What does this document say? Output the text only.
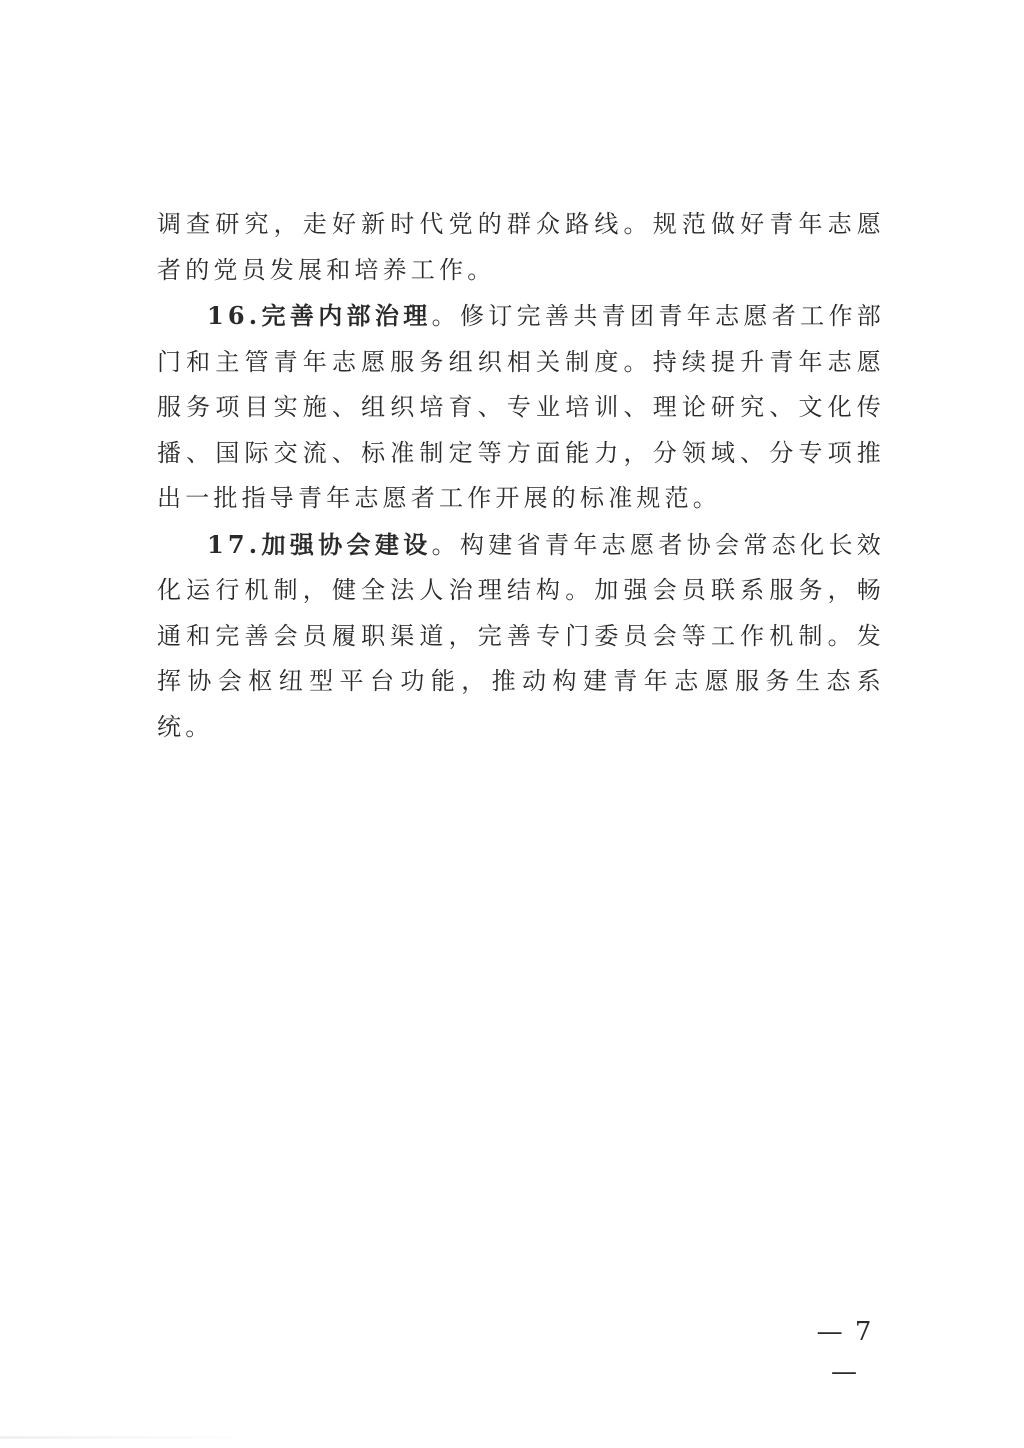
调查研究，走好新时代党的群众路线。规范做好青年志愿者的党员发展和培养工作。

16.完善内部治理。修订完善共青团青年志愿者工作部门和主管青年志愿服务组织相关制度。持续提升青年志愿服务项目实施、组织培育、专业培训、理论研究、文化传播、国际交流、标准制定等方面能力，分领域、分专项推出一批指导青年志愿者工作开展的标准规范。

17.加强协会建设。构建省青年志愿者协会常态化长效化运行机制，健全法人治理结构。加强会员联系服务，畅通和完善会员履职渠道，完善专门委员会等工作机制。发挥协会枢纽型平台功能，推动构建青年志愿服务生态系统。

— 7 —
